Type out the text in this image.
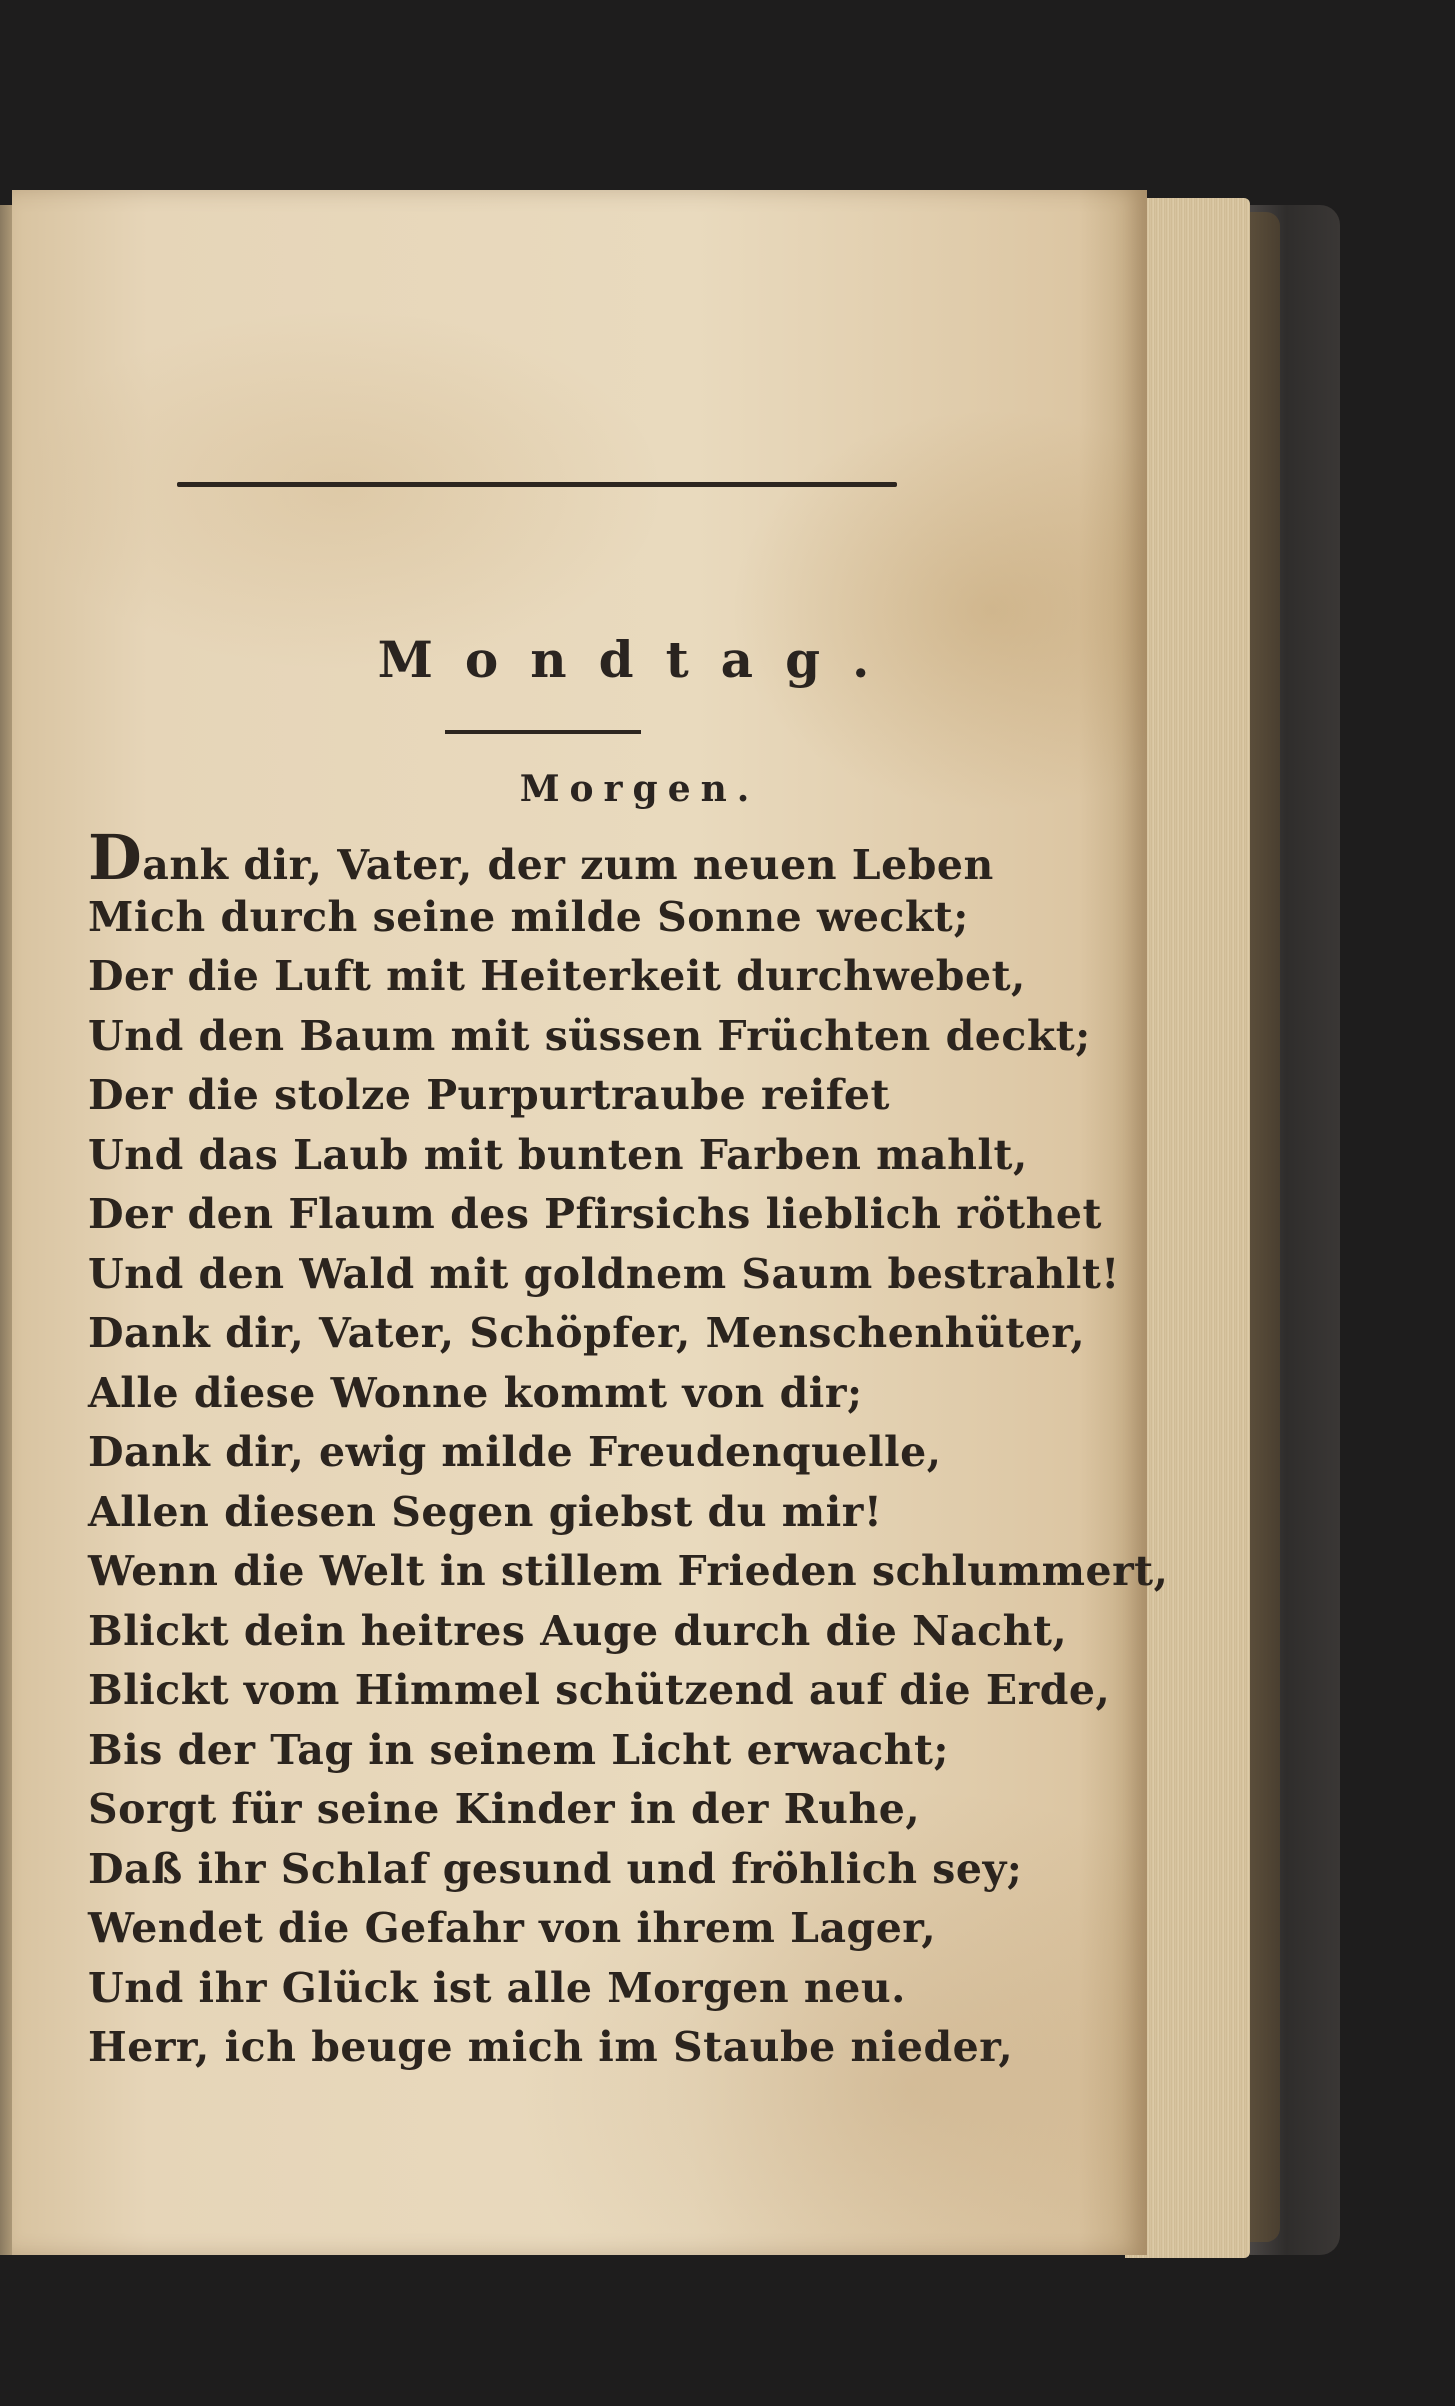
Mondtag.
Morgen.
Dank dir, Vater, der zum neuen Leben
Mich durch seine milde Sonne weckt;
Der die Luft mit Heiterkeit durchwebet,
Und den Baum mit süssen Früchten deckt;
Der die stolze Purpurtraube reifet
Und das Laub mit bunten Farben mahlt,
Der den Flaum des Pfirsichs lieblich röthet
Und den Wald mit goldnem Saum bestrahlt!
Dank dir, Vater, Schöpfer, Menschenhüter,
Alle diese Wonne kommt von dir;
Dank dir, ewig milde Freudenquelle,
Allen diesen Segen giebst du mir!
Wenn die Welt in stillem Frieden schlummert,
Blickt dein heitres Auge durch die Nacht,
Blickt vom Himmel schützend auf die Erde,
Bis der Tag in seinem Licht erwacht;
Sorgt für seine Kinder in der Ruhe,
Daß ihr Schlaf gesund und fröhlich sey;
Wendet die Gefahr von ihrem Lager,
Und ihr Glück ist alle Morgen neu.
Herr, ich beuge mich im Staube nieder,
